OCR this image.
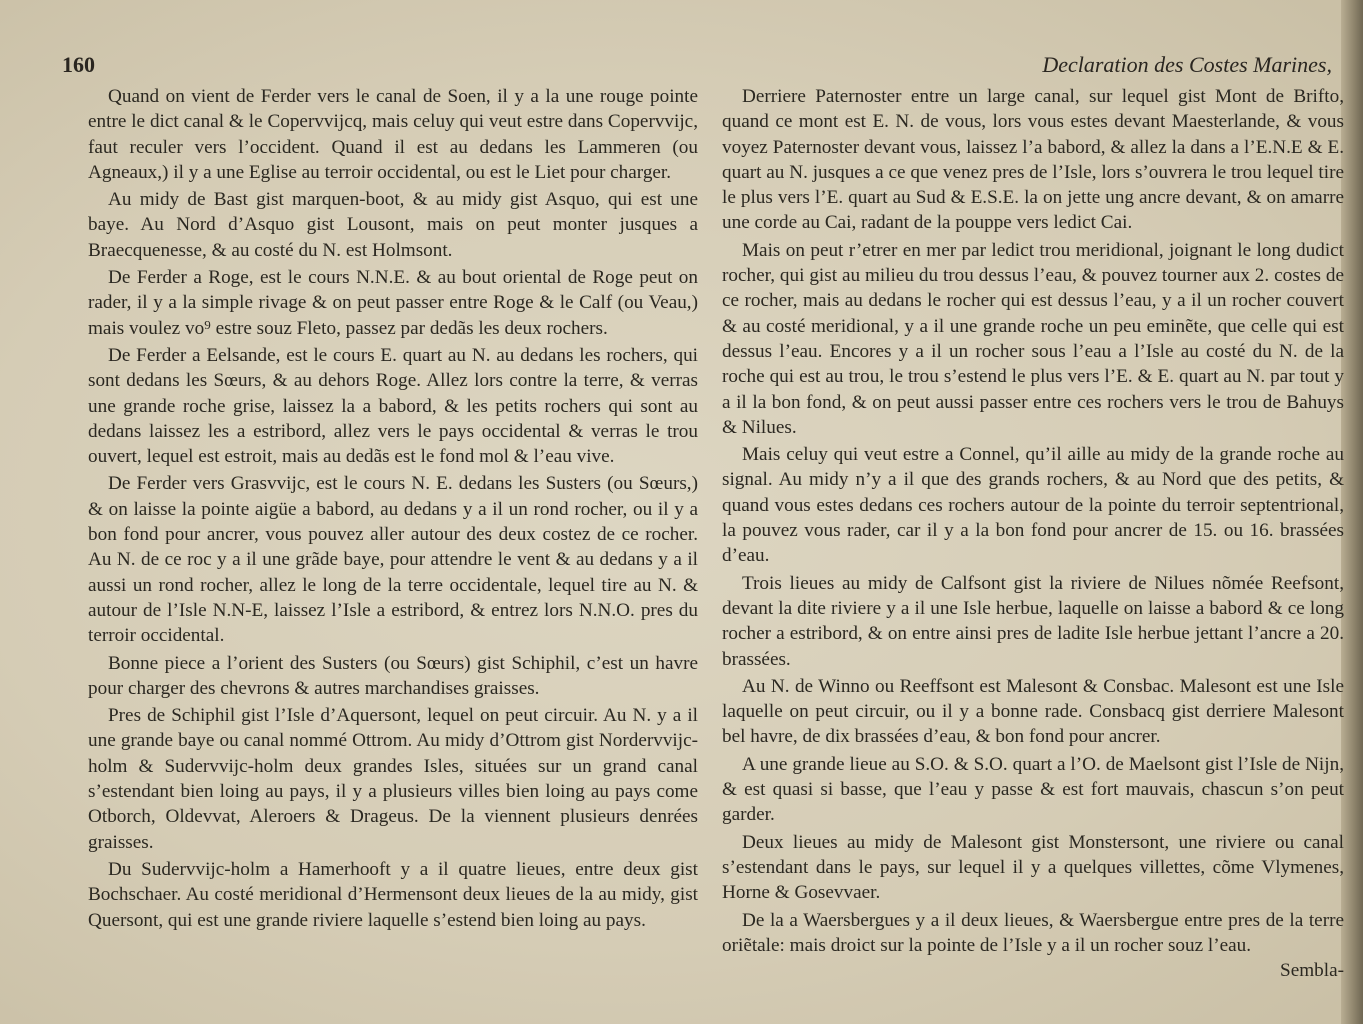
160	Declaration des Costes Marines,

Quand on vient de Ferder vers le canal de Soen, il y a la une rouge pointe entre le dict canal & le Copervvijcq, mais celuy qui veut estre dans Copervvijc, faut reculer vers l’occident. Quand il est au dedans les Lammeren (ou Agneaux,) il y a une Eglise au terroir occidental, ou est le Liet pour charger.

Au midy de Bast gist marquen-boot, & au midy gist Asquo, qui est une baye. Au Nord d’Asquo gist Lousont, mais on peut monter jusques a Braecquenesse, & au costé du N. est Holmsont.

De Ferder a Roge, est le cours N.N.E. & au bout oriental de Roge peut on rader, il y a la simple rivage & on peut passer entre Roge & le Calf (ou Veau,) mais voulez vo⁹ estre souz Fleto, passez par dedãs les deux rochers.

De Ferder a Eelsande, est le cours E. quart au N. au dedans les rochers, qui sont dedans les Sœurs, & au dehors Roge. Allez lors contre la terre, & verras une grande roche grise, laissez la a babord, & les petits rochers qui sont au dedans laissez les a estribord, allez vers le pays occidental & verras le trou ouvert, lequel est estroit, mais au dedãs est le fond mol & l’eau vive.

De Ferder vers Grasvvijc, est le cours N. E. dedans les Susters (ou Sœurs,) & on laisse la pointe aigüe a babord, au dedans y a il un rond rocher, ou il y a bon fond pour ancrer, vous pouvez aller autour des deux costez de ce rocher. Au N. de ce roc y a il une grãde baye, pour attendre le vent & au dedans y a il aussi un rond rocher, allez le long de la terre occidentale, lequel tire au N. & autour de l’Isle N.N-E, laissez l’Isle a estribord, & entrez lors N.N.O. pres du terroir occidental.

Bonne piece a l’orient des Susters (ou Sœurs) gist Schiphil, c’est un havre pour charger des chevrons & autres marchandises graisses.

Pres de Schiphil gist l’Isle d’Aquersont, lequel on peut circuir. Au N. y a il une grande baye ou canal nommé Ottrom. Au midy d’Ottrom gist Nordervvijc-holm & Sudervvijc-holm deux grandes Isles, situées sur un grand canal s’estendant bien loing au pays, il y a plusieurs villes bien loing au pays come Otborch, Oldevvat, Aleroers & Drageus. De la viennent plusieurs denrées graisses.

Du Sudervvijc-holm a Hamerhooft y a il quatre lieues, entre deux gist Bochschaer. Au costé meridional d’Hermensont deux lieues de la au midy, gist Quersont, qui est une grande riviere laquelle s’estend bien loing au pays.

Derriere Paternoster entre un large canal, sur lequel gist Mont de Brifto, quand ce mont est E. N. de vous, lors vous estes devant Maesterlande, & vous voyez Paternoster devant vous, laissez l’a babord, & allez la dans a l’E.N.E & E. quart au N. jusques a ce que venez pres de l’Isle, lors s’ouvrera le trou lequel tire le plus vers l’E. quart au Sud & E.S.E. la on jette ung ancre devant, & on amarre une corde au Cai, radant de la pouppe vers ledict Cai.

Mais on peut r’etrer en mer par ledict trou meridional, joignant le long dudict rocher, qui gist au milieu du trou dessus l’eau, & pouvez tourner aux 2. costes de ce rocher, mais au dedans le rocher qui est dessus l’eau, y a il un rocher couvert & au costé meridional, y a il une grande roche un peu eminẽte, que celle qui est dessus l’eau. Encores y a il un rocher sous l’eau a l’Isle au costé du N. de la roche qui est au trou, le trou s’estend le plus vers l’E. & E. quart au N. par tout y a il la bon fond, & on peut aussi passer entre ces rochers vers le trou de Bahuys & Nilues.

Mais celuy qui veut estre a Connel, qu’il aille au midy de la grande roche au signal. Au midy n’y a il que des grands rochers, & au Nord que des petits, & quand vous estes dedans ces rochers autour de la pointe du terroir septentrional, la pouvez vous rader, car il y a la bon fond pour ancrer de 15. ou 16. brassées d’eau.

Trois lieues au midy de Calfsont gist la riviere de Nilues nõmée Reefsont, devant la dite riviere y a il une Isle herbue, laquelle on laisse a babord & ce long rocher a estribord, & on entre ainsi pres de ladite Isle herbue jettant l’ancre a 20. brassées.

Au N. de Winno ou Reeffsont est Malesont & Consbac. Malesont est une Isle laquelle on peut circuir, ou il y a bonne rade. Consbacq gist derriere Malesont bel havre, de dix brassées d’eau, & bon fond pour ancrer.

A une grande lieue au S.O. & S.O. quart a l’O. de Maelsont gist l’Isle de Nijn, & est quasi si basse, que l’eau y passe & est fort mauvais, chascun s’on peut garder.

Deux lieues au midy de Malesont gist Monstersont, une riviere ou canal s’estendant dans le pays, sur lequel il y a quelques villettes, cõme Vlymenes, Horne & Gosevvaer.

De la a Waersbergues y a il deux lieues, & Waersbergue entre pres de la terre oriẽtale: mais droict sur la pointe de l’Isle y a il un rocher souz l’eau.

Sembla-
